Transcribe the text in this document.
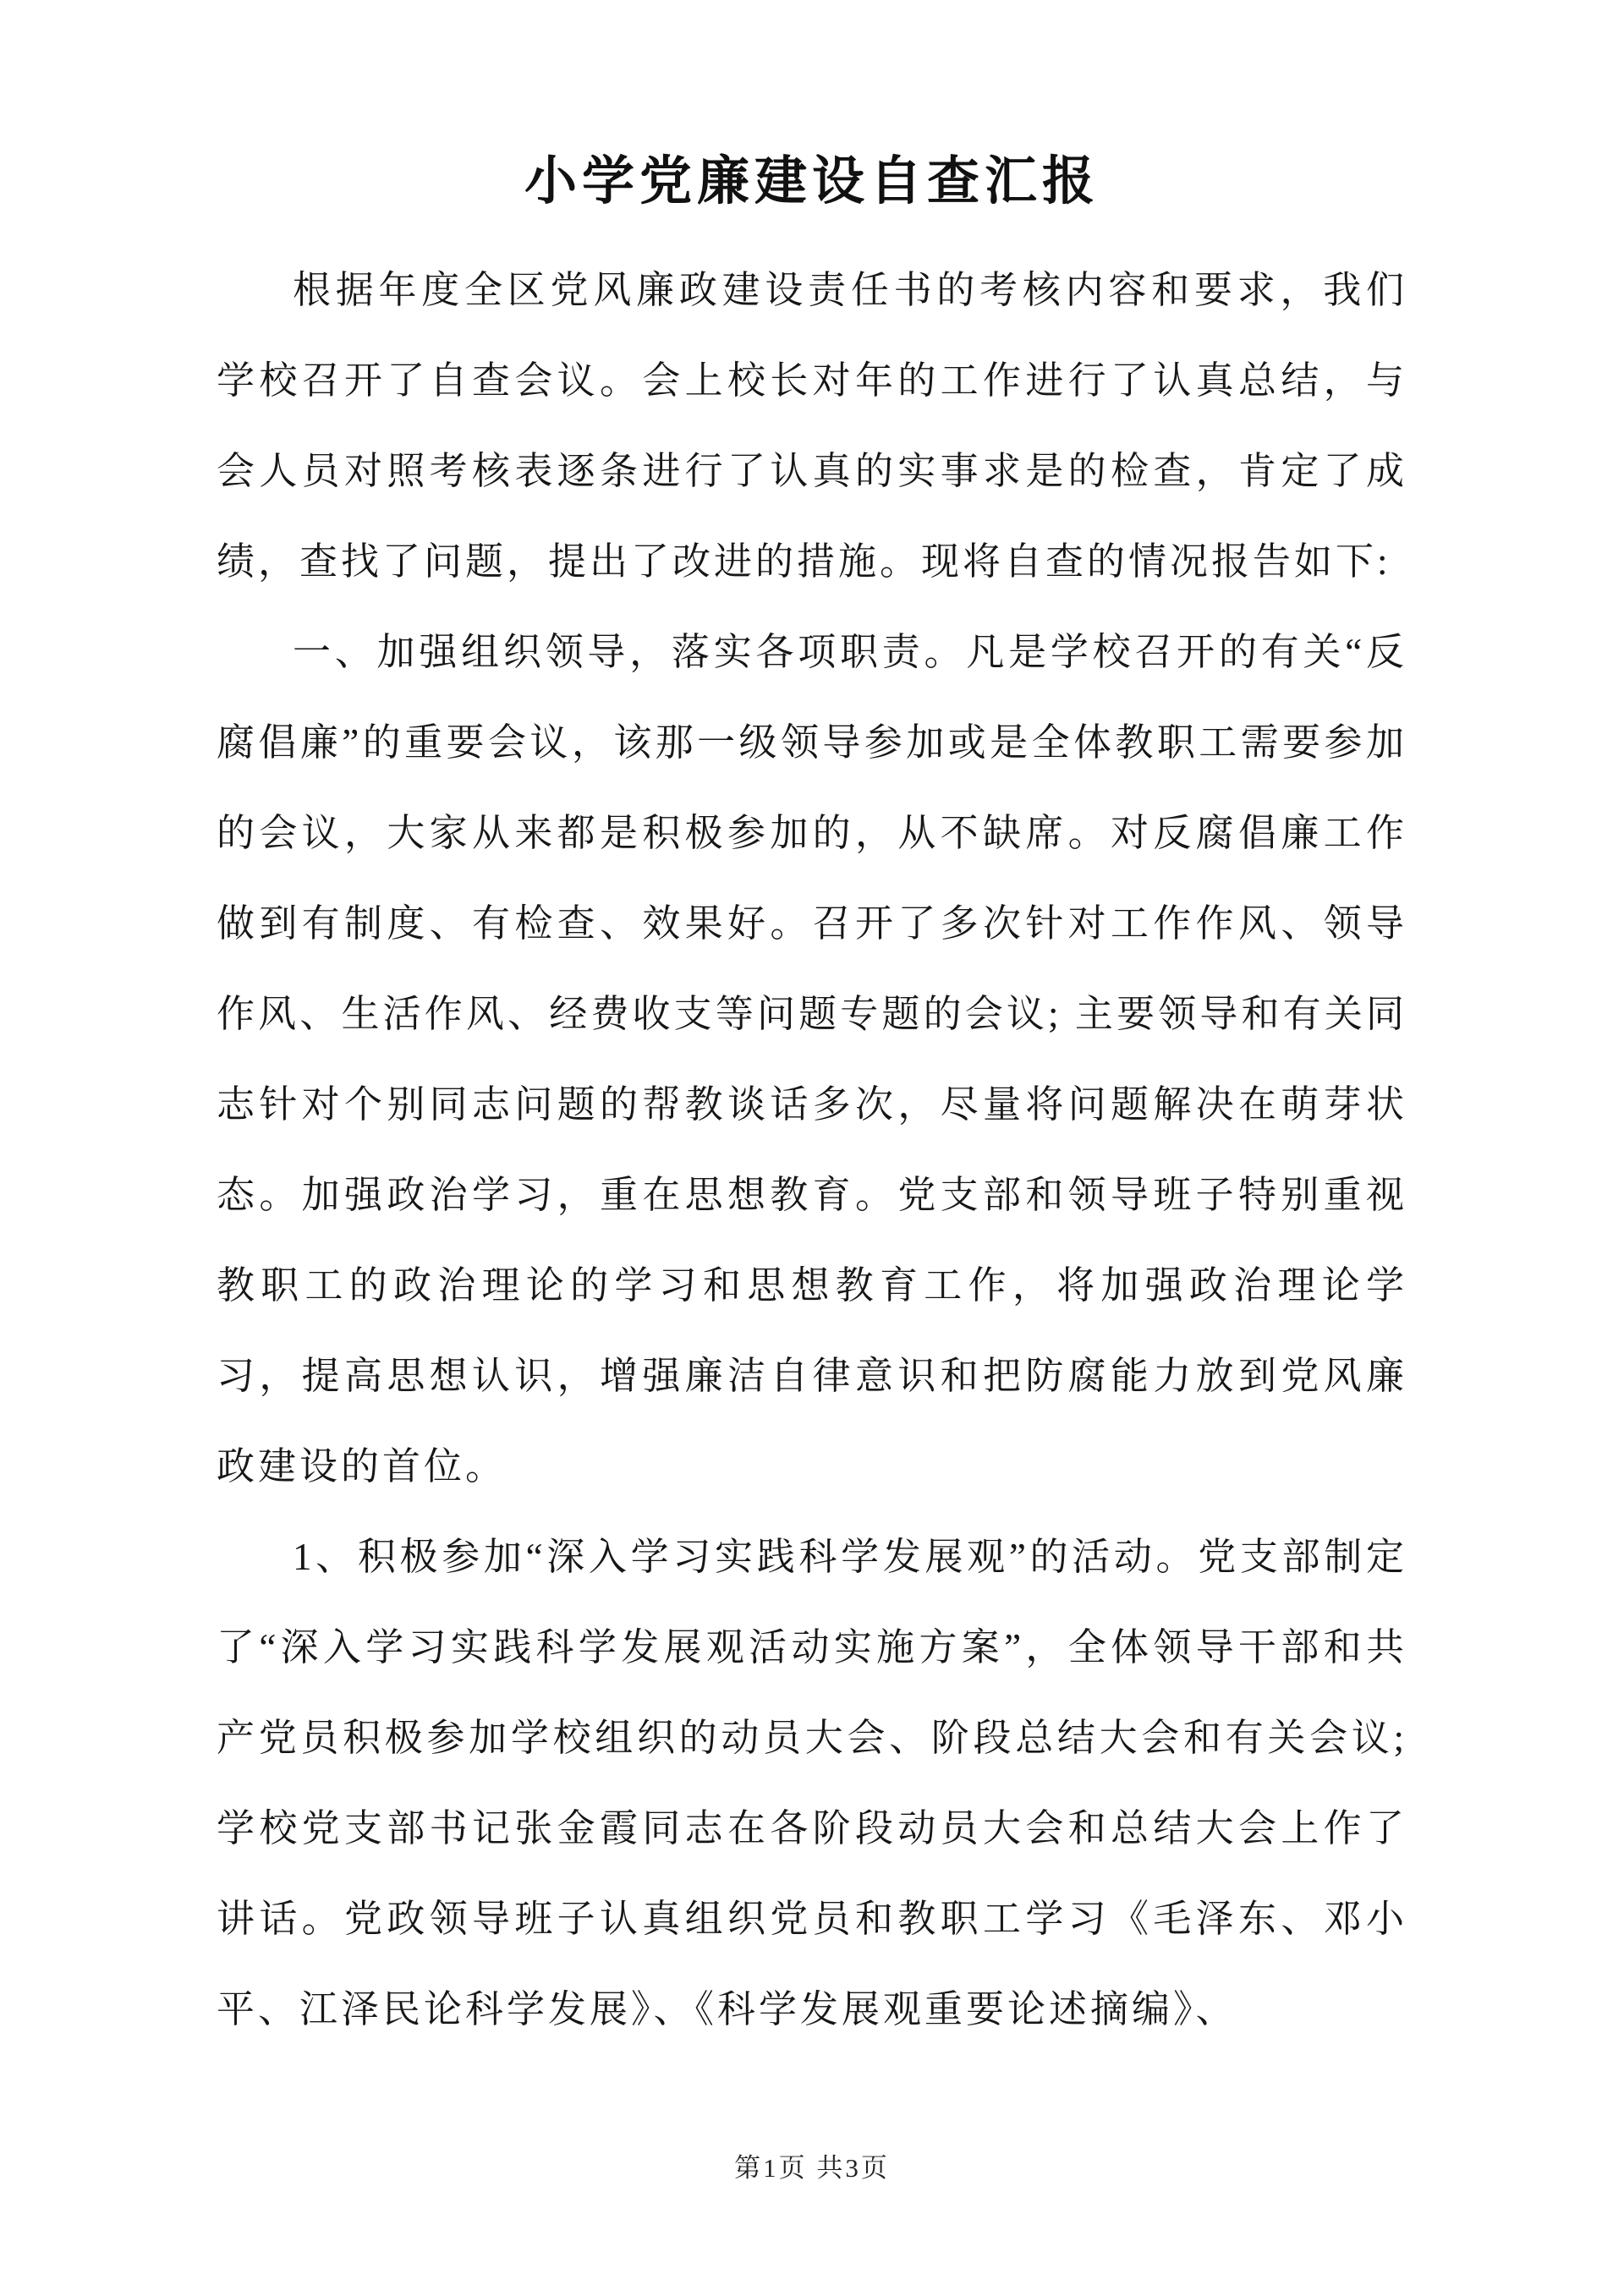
小学党廉建设自查汇报

根据年度全区党风廉政建设责任书的考核内容和要求，我们学校召开了自查会议。会上校长对年的工作进行了认真总结，与会人员对照考核表逐条进行了认真的实事求是的检查，肯定了成绩，查找了问题，提出了改进的措施。现将自查的情况报告如下:

一、加强组织领导，落实各项职责。凡是学校召开的有关“反腐倡廉”的重要会议，该那一级领导参加或是全体教职工需要参加的会议，大家从来都是积极参加的，从不缺席。对反腐倡廉工作做到有制度、有检查、效果好。召开了多次针对工作作风、领导作风、生活作风、经费收支等问题专题的会议; 主要领导和有关同志针对个别同志问题的帮教谈话多次，尽量将问题解决在萌芽状态。加强政治学习，重在思想教育。党支部和领导班子特别重视教职工的政治理论的学习和思想教育工作，将加强政治理论学习，提高思想认识，增强廉洁自律意识和把防腐能力放到党风廉政建设的首位。

1、积极参加“深入学习实践科学发展观”的活动。党支部制定了“深入学习实践科学发展观活动实施方案”，全体领导干部和共产党员积极参加学校组织的动员大会、阶段总结大会和有关会议; 学校党支部书记张金霞同志在各阶段动员大会和总结大会上作了讲话。党政领导班子认真组织党员和教职工学习《毛泽东、邓小平、江泽民论科学发展》、《科学发展观重要论述摘编》、

第1页 共3页
